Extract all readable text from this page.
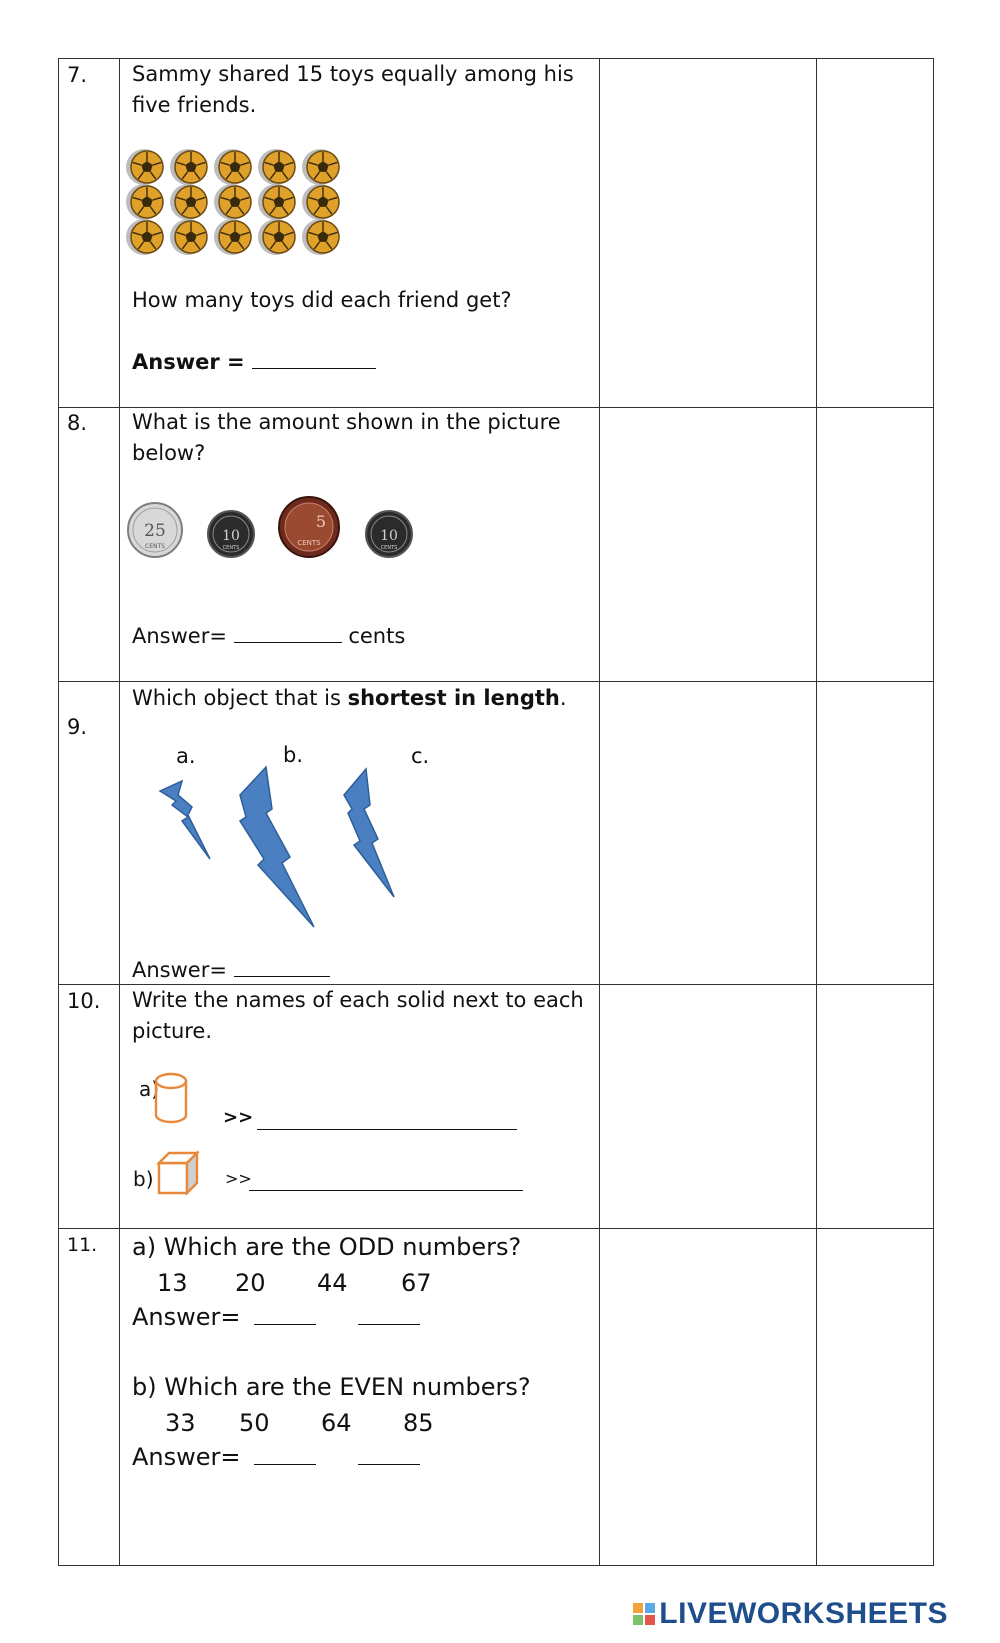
7. Sammy shared 15 toys equally among his five friends.
How many toys did each friend get?
Answer =
8. What is the amount shown in the picture below?
25
CENTS
10
CENTS
5
CENTS	10
CENTS
Answer=	cents
9.
Which object that is shortest in length.
a.	b.	c.
Answer=
10. Write the names of each solid next to each picture.
a)
>>
b)	>>
11. a) Which are the ODD numbers?
13 20 44 67
Answer=
b) Which are the EVEN numbers?
33 50 64 85
Answer=
LIVEWORKSHEETS
